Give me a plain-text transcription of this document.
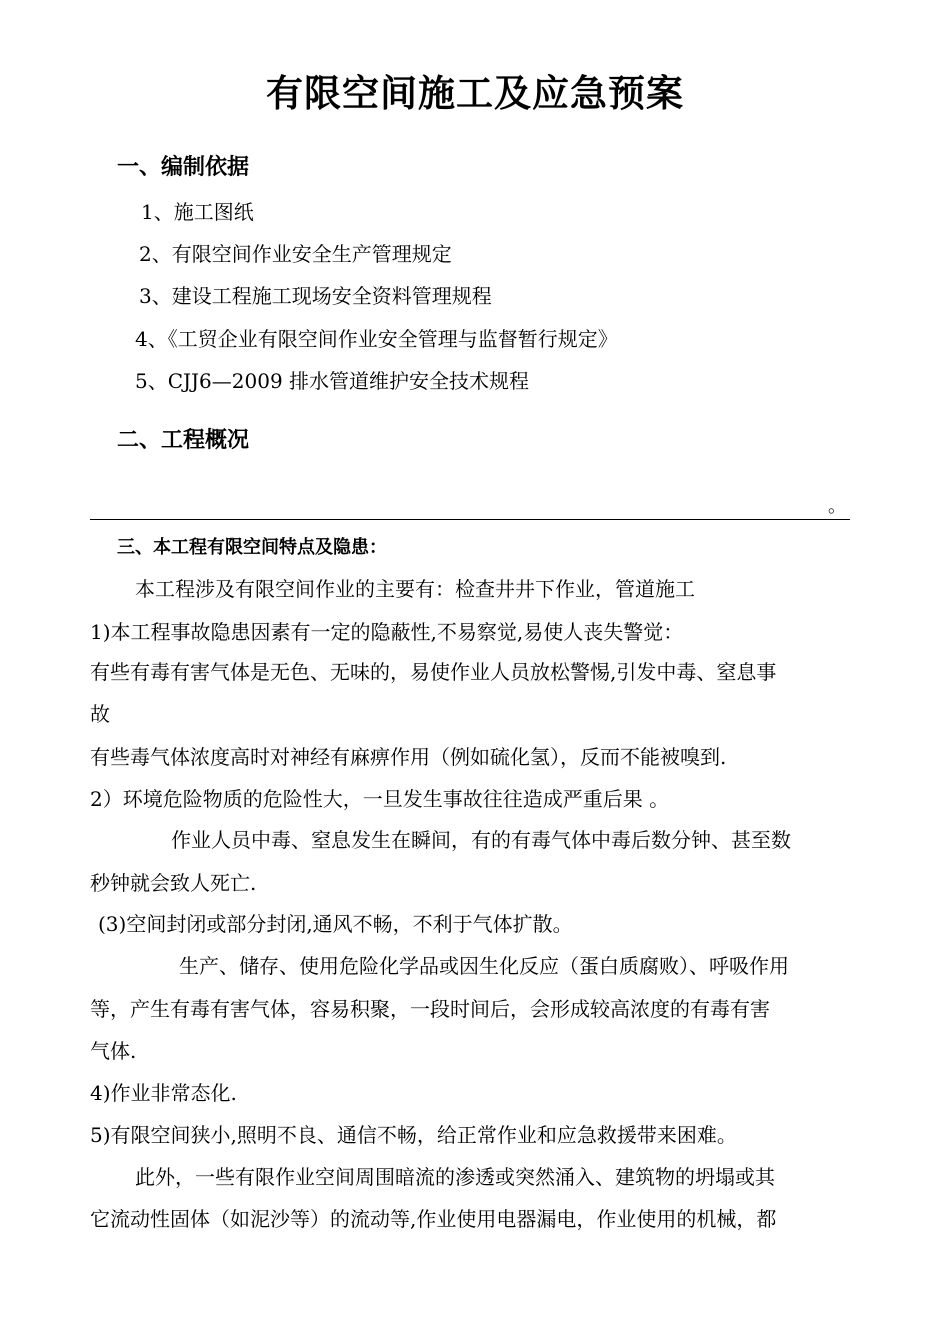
有限空间施工及应急预案
一、编制依据
1、施工图纸
2、有限空间作业安全生产管理规定
3、建设工程施工现场安全资料管理规程
4、《工贸企业有限空间作业安全管理与监督暂行规定》
5、CJJ6—2009 排水管道维护安全技术规程
二、工程概况
。
三、本工程有限空间特点及隐患：
本工程涉及有限空间作业的主要有：检查井井下作业，管道施工
1)本工程事故隐患因素有一定的隐蔽性,不易察觉,易使人丧失警觉：
有些有毒有害气体是无色、无味的，易使作业人员放松警惕,引发中毒、窒息事
故
有些毒气体浓度高时对神经有麻痹作用（例如硫化氢），反而不能被嗅到.
2）环境危险物质的危险性大，一旦发生事故往往造成严重后果 。
作业人员中毒、窒息发生在瞬间，有的有毒气体中毒后数分钟、甚至数
秒钟就会致人死亡.
(3)空间封闭或部分封闭,通风不畅，不利于气体扩散。
生产、储存、使用危险化学品或因生化反应（蛋白质腐败）、呼吸作用
等，产生有毒有害气体，容易积聚，一段时间后，会形成较高浓度的有毒有害
气体.
4)作业非常态化.
5)有限空间狭小,照明不良、通信不畅，给正常作业和应急救援带来困难。
此外，一些有限作业空间周围暗流的渗透或突然涌入、建筑物的坍塌或其
它流动性固体（如泥沙等）的流动等,作业使用电器漏电，作业使用的机械，都
